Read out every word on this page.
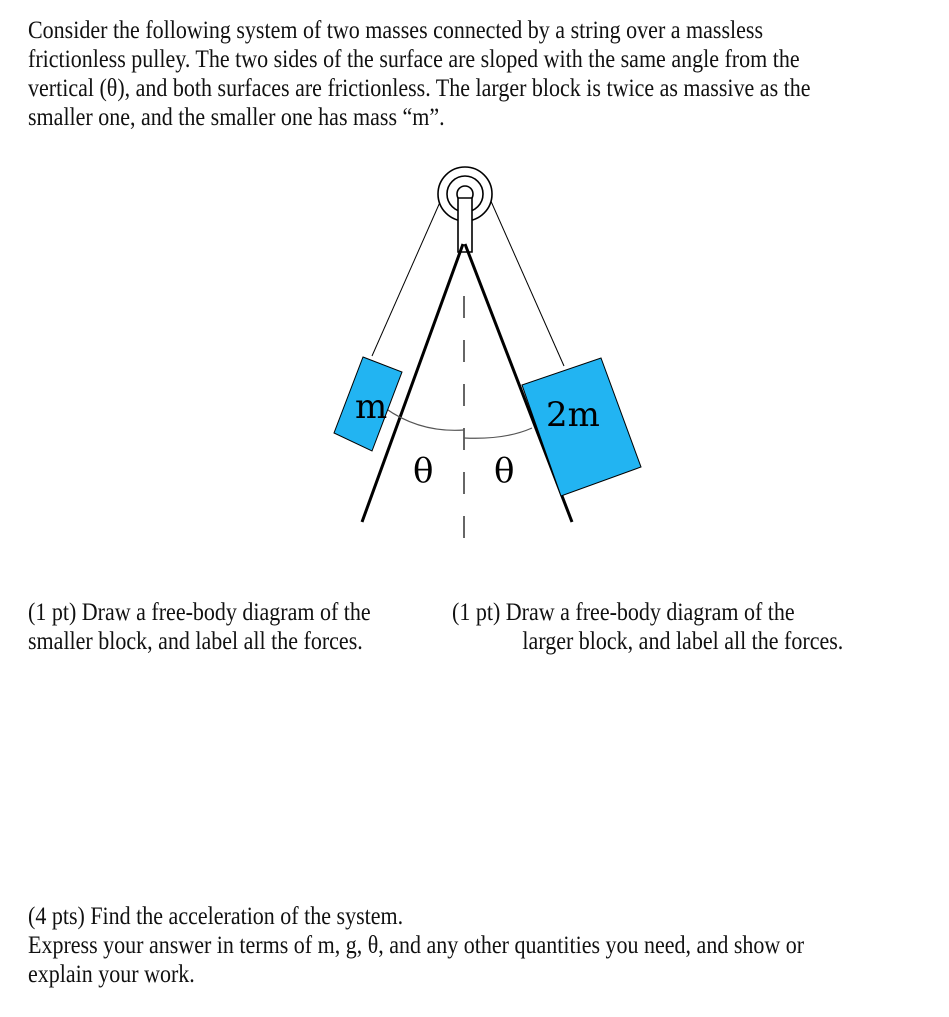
Consider the following system of two masses connected by a string over a massless
frictionless pulley. The two sides of the surface are sloped with the same angle from the
vertical (θ), and both surfaces are frictionless. The larger block is twice as massive as the
smaller one, and the smaller one has mass “m”.
m	2m
θ θ
(1 pt) Draw a free-body diagram of the
smaller block, and label all the forces.
(1 pt) Draw a free-body diagram of the
larger block, and label all the forces.
(4 pts) Find the acceleration of the system.
Express your answer in terms of m, g, θ, and any other quantities you need, and show or
explain your work.
